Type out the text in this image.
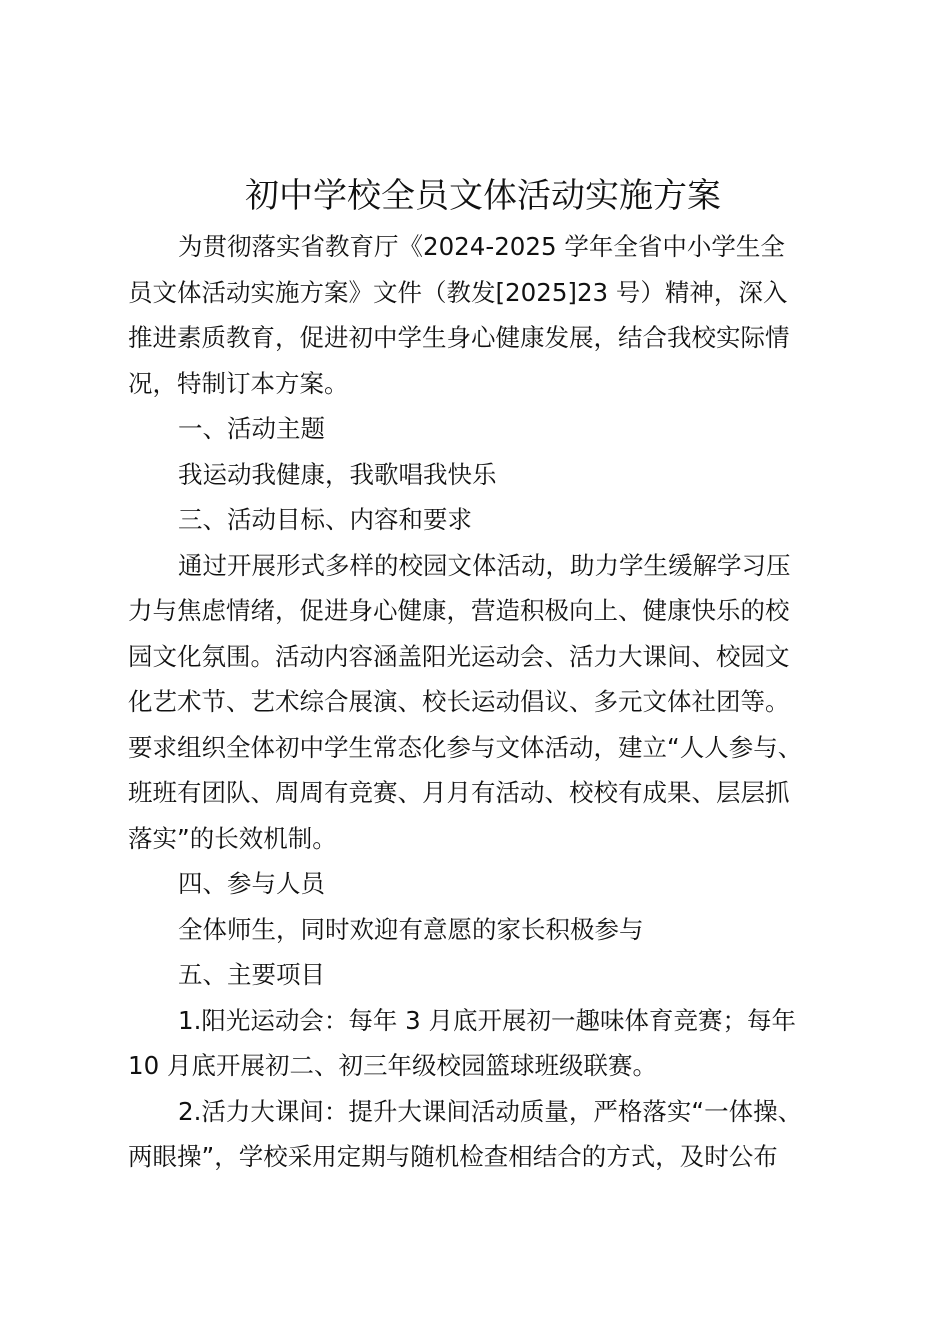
初中学校全员文体活动实施方案

为贯彻落实省教育厅《2024-2025 学年全省中小学生全
员文体活动实施方案》文件（教发[2025]23 号）精神，深入
推进素质教育，促进初中学生身心健康发展，结合我校实际情
况，特制订本方案。

一、活动主题

我运动我健康，我歌唱我快乐

三、活动目标、内容和要求

通过开展形式多样的校园文体活动，助力学生缓解学习压
力与焦虑情绪，促进身心健康，营造积极向上、健康快乐的校
园文化氛围。活动内容涵盖阳光运动会、活力大课间、校园文
化艺术节、艺术综合展演、校长运动倡议、多元文体社团等。
要求组织全体初中学生常态化参与文体活动，建立“人人参与、
班班有团队、周周有竞赛、月月有活动、校校有成果、层层抓
落实”的长效机制。

四、参与人员

全体师生，同时欢迎有意愿的家长积极参与

五、主要项目

1.阳光运动会：每年 3 月底开展初一趣味体育竞赛；每年
10 月底开展初二、初三年级校园篮球班级联赛。

2.活力大课间：提升大课间活动质量，严格落实“一体操、
两眼操”，学校采用定期与随机检查相结合的方式，及时公布
